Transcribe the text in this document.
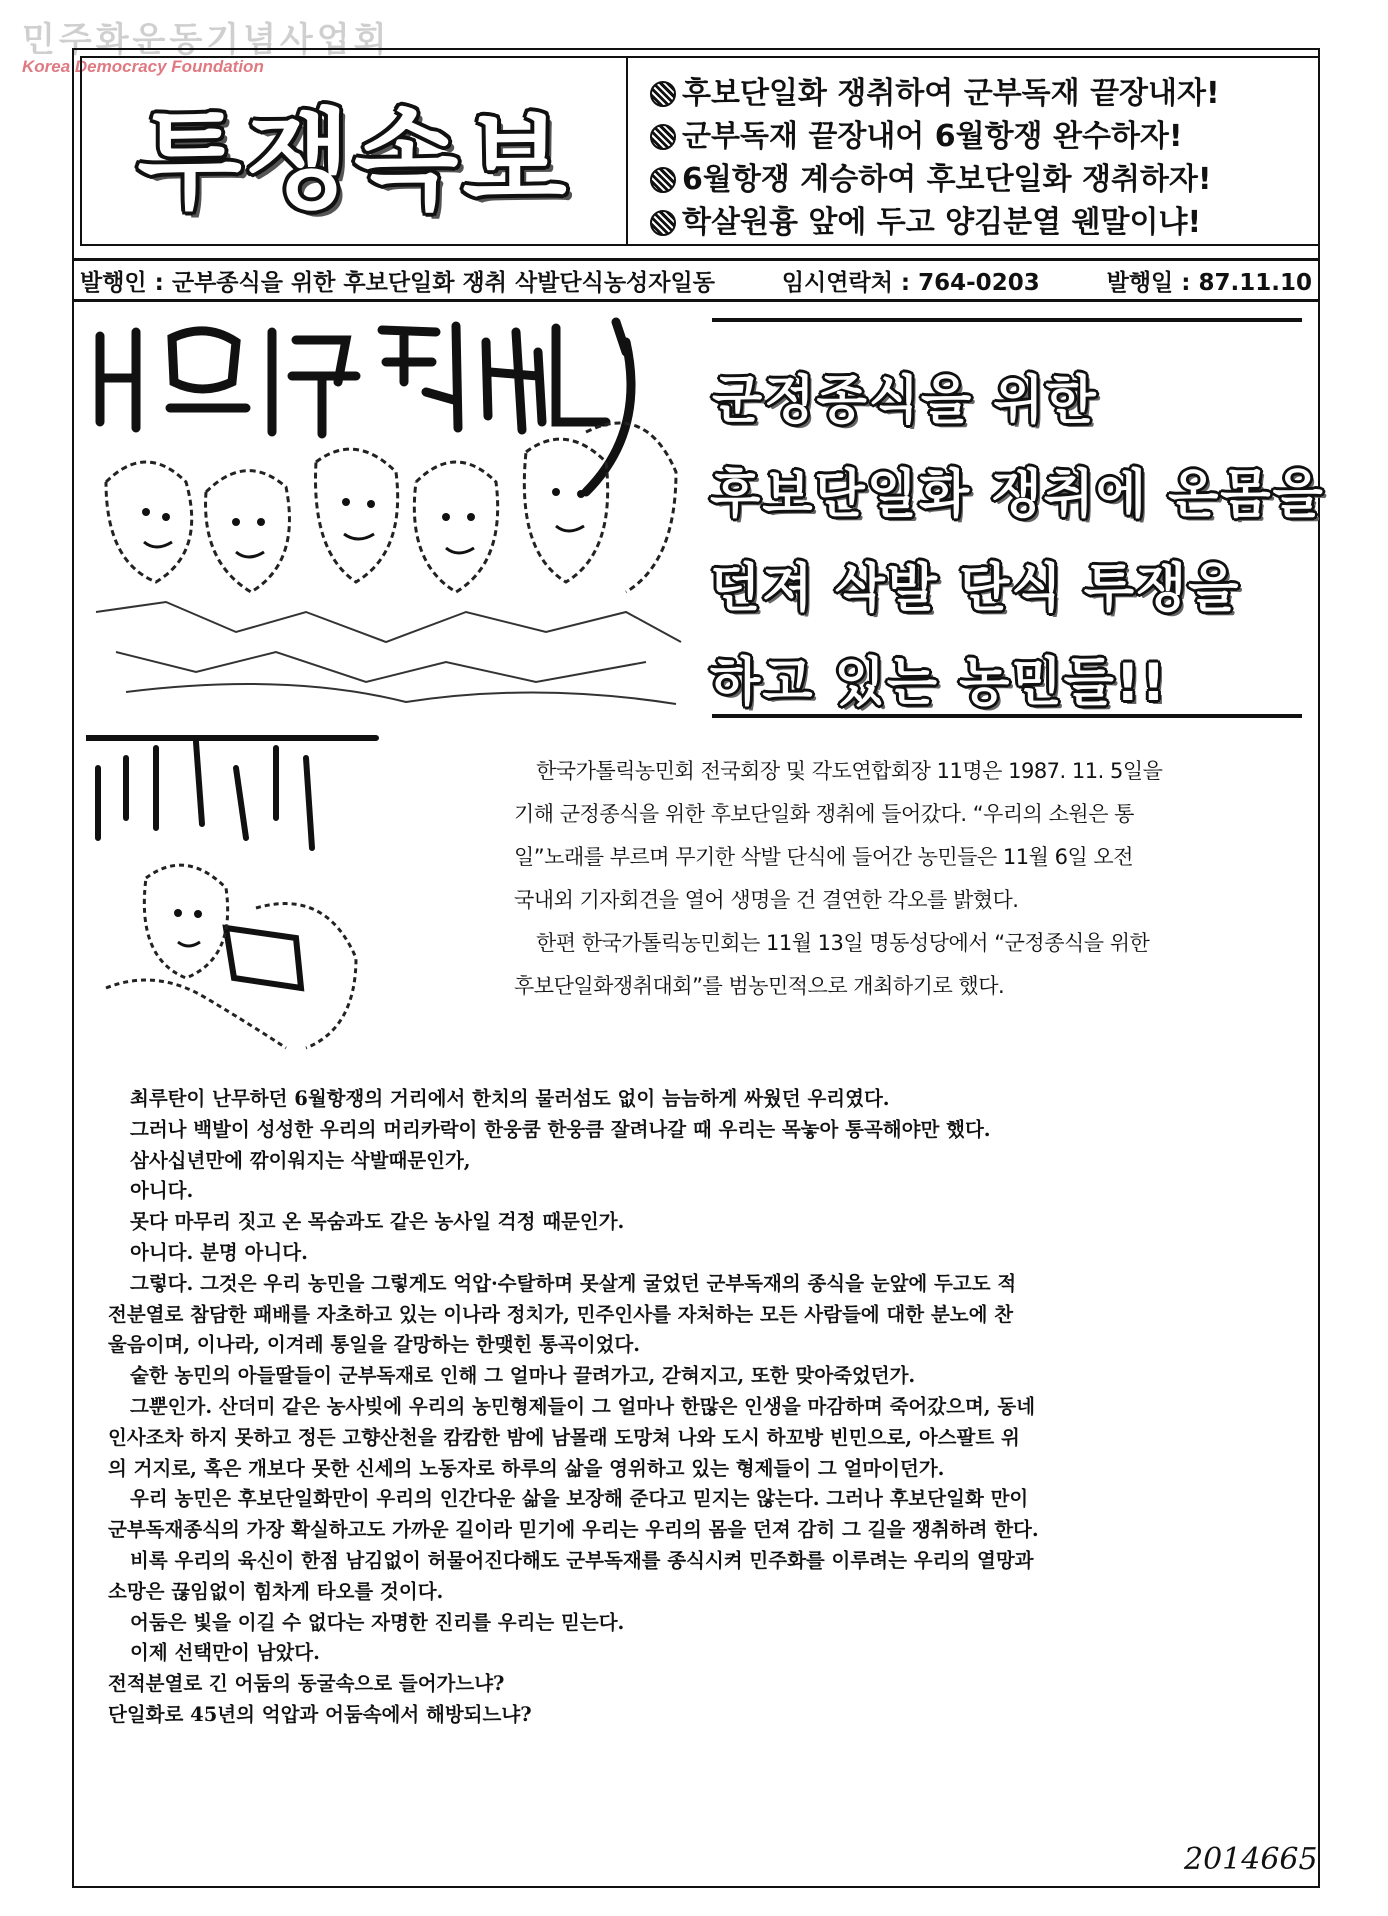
민주화운동기념사업회
Korea Democracy Foundation
투쟁속보
후보단일화 쟁취하여 군부독재 끝장내자!
군부독재 끝장내어 6월항쟁 완수하자!
6월항쟁 계승하여 후보단일화 쟁취하자!
학살원흉 앞에 두고 양김분열 웬말이냐!
발행인 : 군부종식을 위한 후보단일화 쟁취 삭발단식농성자일동	임시연락처 : 764-0203	발행일 : 87.11.10
군정종식을 위한
후보단일화 쟁취에 온몸을
던져 삭발 단식 투쟁을
하고 있는 농민들!!

한국가톨릭농민회 전국회장 및 각도연합회장 11명은 1987. 11. 5일을

기해 군정종식을 위한 후보단일화 쟁취에 들어갔다. “우리의 소원은 통

일”노래를 부르며 무기한 삭발 단식에 들어간 농민들은 11월 6일 오전

국내외 기자회견을 열어 생명을 건 결연한 각오를 밝혔다.

한편 한국가톨릭농민회는 11월 13일 명동성당에서 “군정종식을 위한

후보단일화쟁취대회”를 범농민적으로 개최하기로 했다.

최루탄이 난무하던 6월항쟁의 거리에서 한치의 물러섬도 없이 늠늠하게 싸웠던 우리였다.

그러나 백발이 성성한 우리의 머리카락이 한웅쿰 한웅큼 잘려나갈 때 우리는 목놓아 통곡해야만 했다.

삼사십년만에 깎이워지는 삭발때문인가,

아니다.

못다 마무리 짓고 온 목숨과도 같은 농사일 걱정 때문인가.

아니다. 분명 아니다.

그렇다. 그것은 우리 농민을 그렇게도 억압·수탈하며 못살게 굴었던 군부독재의 종식을 눈앞에 두고도 적

전분열로 참담한 패배를 자초하고 있는 이나라 정치가, 민주인사를 자처하는 모든 사람들에 대한 분노에 찬

울음이며, 이나라, 이겨레 통일을 갈망하는 한맺힌 통곡이었다.

숱한 농민의 아들딸들이 군부독재로 인해 그 얼마나 끌려가고, 갇혀지고, 또한 맞아죽었던가.

그뿐인가. 산더미 같은 농사빚에 우리의 농민형제들이 그 얼마나 한많은 인생을 마감하며 죽어갔으며, 동네

인사조차 하지 못하고 정든 고향산천을 캄캄한 밤에 남몰래 도망쳐 나와 도시 하꼬방 빈민으로, 아스팔트 위

의 거지로, 혹은 개보다 못한 신세의 노동자로 하루의 삶을 영위하고 있는 형제들이 그 얼마이던가.

우리 농민은 후보단일화만이 우리의 인간다운 삶을 보장해 준다고 믿지는 않는다. 그러나 후보단일화 만이

군부독재종식의 가장 확실하고도 가까운 길이라 믿기에 우리는 우리의 몸을 던져 감히 그 길을 쟁취하려 한다.

비록 우리의 육신이 한점 남김없이 허물어진다해도 군부독재를 종식시켜 민주화를 이루려는 우리의 열망과

소망은 끊임없이 힘차게 타오를 것이다.

어둠은 빛을 이길 수 없다는 자명한 진리를 우리는 믿는다.

이제 선택만이 남았다.

전적분열로 긴 어둠의 동굴속으로 들어가느냐?

단일화로 45년의 억압과 어둠속에서 해방되느냐?

2014665
